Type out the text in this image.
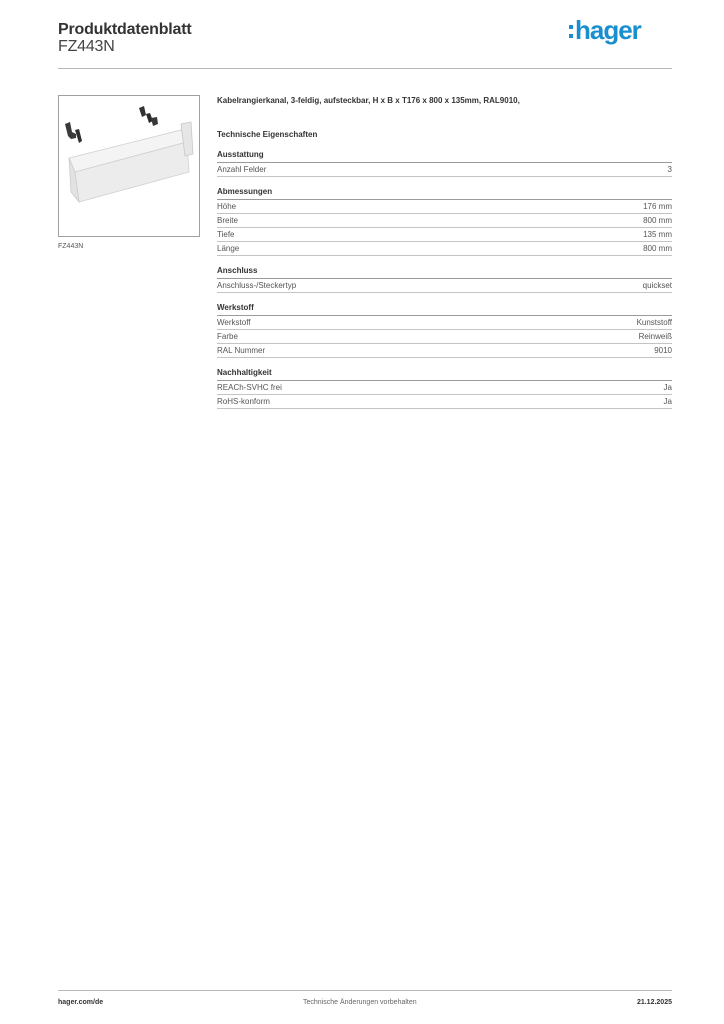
Produktdatenblatt
FZ443N
hager
FZ443N
Kabelrangierkanal, 3-feldig, aufsteckbar, H x B x T176 x 800 x 135mm, RAL9010,
Technische Eigenschaften
Ausstattung
Anzahl Felder	3
Abmessungen
Höhe	176 mm
Breite	800 mm
Tiefe	135 mm
Länge	800 mm
Anschluss
Anschluss-/Steckertyp	quickset
Werkstoff
Werkstoff	Kunststoff
Farbe	Reinweiß
RAL Nummer	9010
Nachhaltigkeit
REACh-SVHC frei	Ja
RoHS-konform	Ja
hager.com/de	Technische Änderungen vorbehalten	21.12.2025
